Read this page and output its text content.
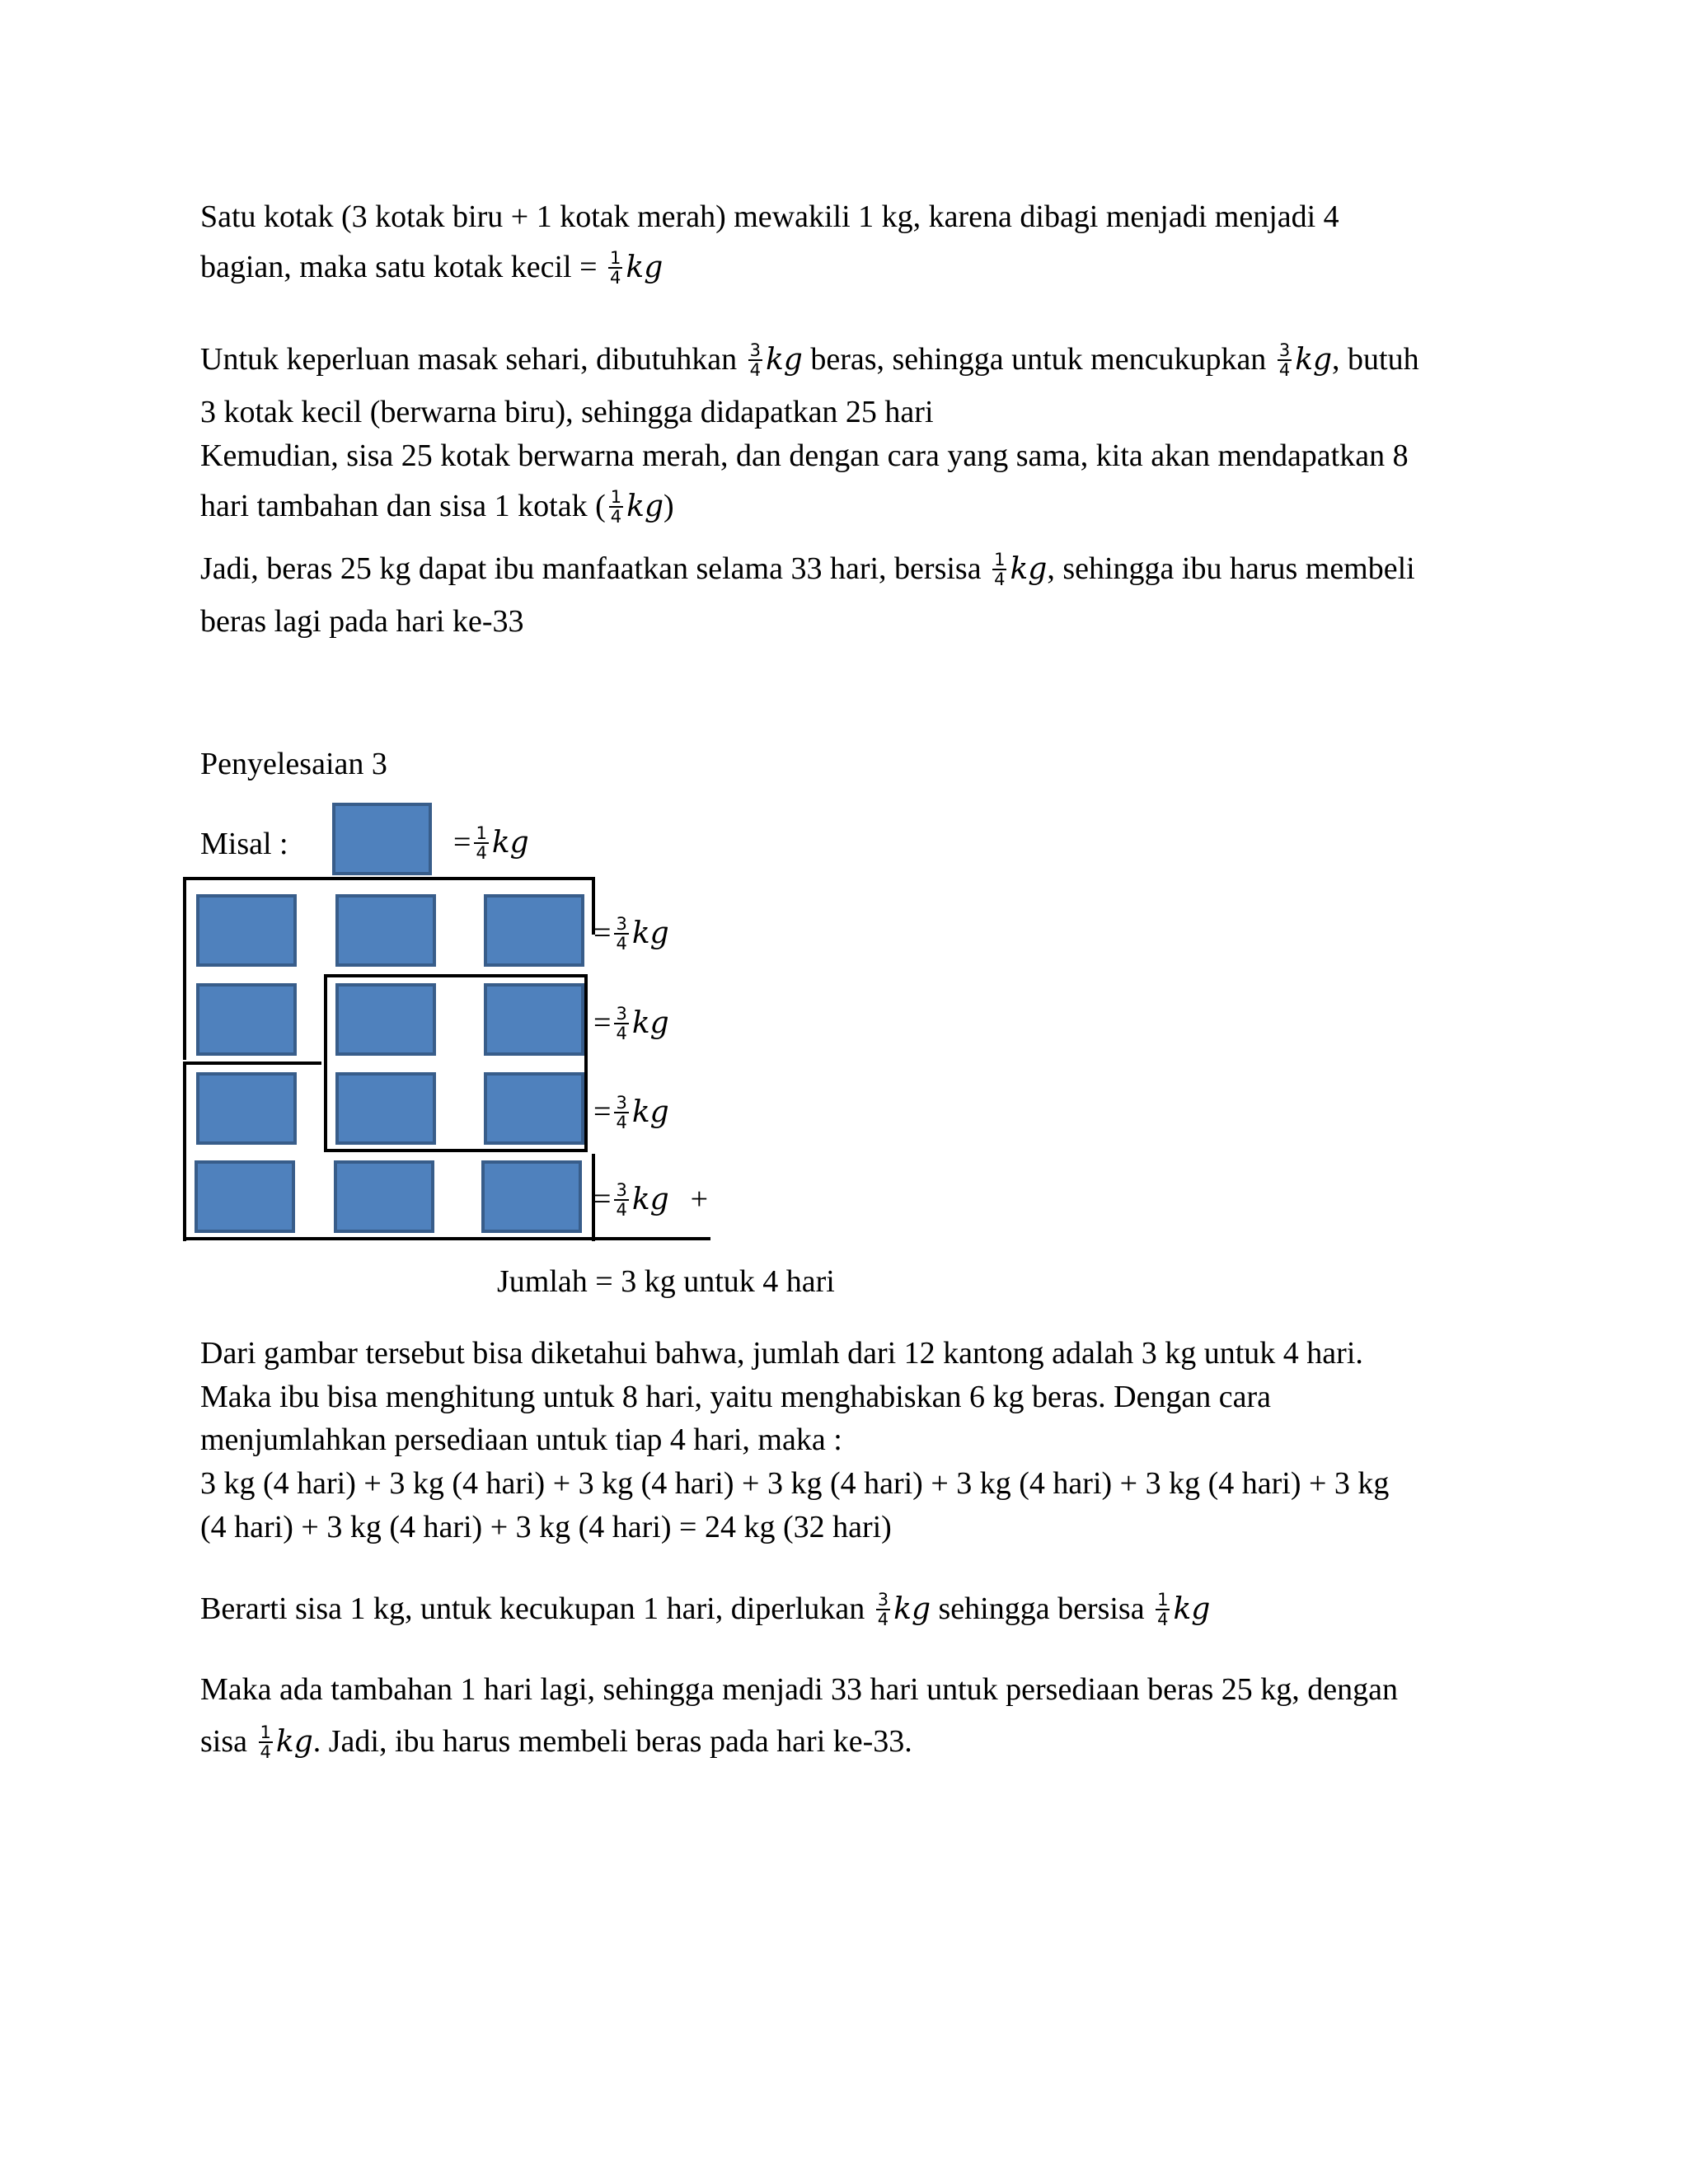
Satu kotak (3 kotak biru + 1 kotak merah) mewakili 1 kg, karena dibagi menjadi menjadi 4
bagian, maka satu kotak kecil = $\frac{1}{4}$ kg
Untuk keperluan masak sehari, dibutuhkan $\frac{3}{4}$ kg beras, sehingga untuk mencukupkan $\frac{3}{4}$ kg, butuh
3 kotak kecil (berwarna biru), sehingga didapatkan 25 hari
Kemudian, sisa 25 kotak berwarna merah, dan dengan cara yang sama, kita akan mendapatkan 8
hari tambahan dan sisa 1 kotak ( $\frac{1}{4} kg$)
Jadi, beras 25 kg dapat ibu manfaatkan selama 33 hari, bersisa $\frac{1}{4}$ kg, sehingga ibu harus membeli
beras lagi pada hari ke-33
Penyelesaian 3
Misal :	= $\frac{1}{4}$ kg
= $\frac{3}{4}$ kg
= $\frac{3}{4}$ kg
= $\frac{3}{4}$ kg
= $\frac{3}{4}$ kg +
Jumlah = 3 kg untuk 4 hari
Dari gambar tersebut bisa diketahui bahwa, jumlah dari 12 kantong adalah 3 kg untuk 4 hari.
Maka ibu bisa menghitung untuk 8 hari, yaitu menghabiskan 6 kg beras. Dengan cara
menjumlahkan persediaan untuk tiap 4 hari, maka :
3 kg (4 hari) + 3 kg (4 hari) + 3 kg (4 hari) + 3 kg (4 hari) + 3 kg (4 hari) + 3 kg (4 hari) + 3 kg
(4 hari) + 3 kg (4 hari) + 3 kg (4 hari) = 24 kg (32 hari)
Berarti sisa 1 kg, untuk kecukupan 1 hari, diperlukan $\frac{3}{4}$ kg sehingga bersisa $\frac{1}{4}$ kg
Maka ada tambahan 1 hari lagi, sehingga menjadi 33 hari untuk persediaan beras 25 kg, dengan
sisa $\frac{1}{4}$ kg. Jadi, ibu harus membeli beras pada hari ke-33.
